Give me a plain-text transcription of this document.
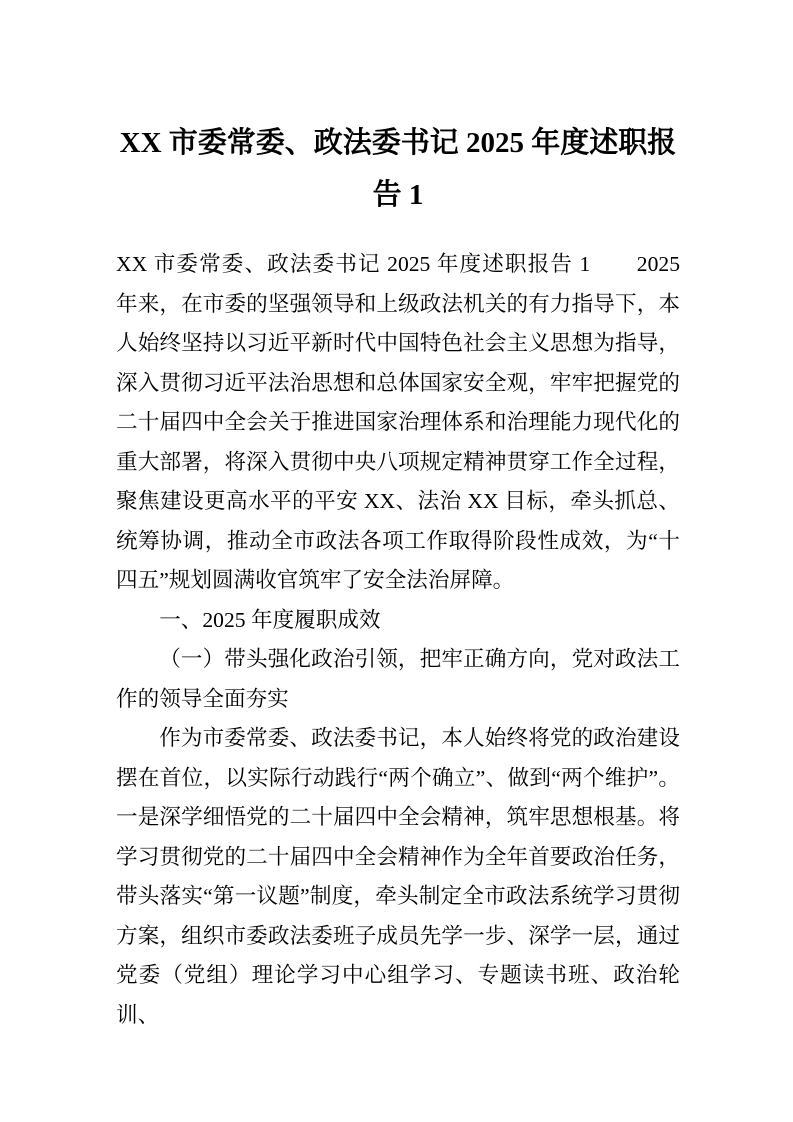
XX 市委常委、政法委书记 2025 年度述职报告 1

XX 市委常委、政法委书记 2025 年度述职报告 1　　2025 年来，在市委的坚强领导和上级政法机关的有力指导下，本人始终坚持以习近平新时代中国特色社会主义思想为指导，深入贯彻习近平法治思想和总体国家安全观，牢牢把握党的二十届四中全会关于推进国家治理体系和治理能力现代化的重大部署，将深入贯彻中央八项规定精神贯穿工作全过程，聚焦建设更高水平的平安 XX、法治 XX 目标，牵头抓总、统筹协调，推动全市政法各项工作取得阶段性成效，为“十四五”规划圆满收官筑牢了安全法治屏障。

一、2025 年度履职成效

（一）带头强化政治引领，把牢正确方向，党对政法工作的领导全面夯实

作为市委常委、政法委书记，本人始终将党的政治建设摆在首位，以实际行动践行“两个确立”、做到“两个维护”。一是深学细悟党的二十届四中全会精神，筑牢思想根基。将学习贯彻党的二十届四中全会精神作为全年首要政治任务，带头落实“第一议题”制度，牵头制定全市政法系统学习贯彻方案，组织市委政法委班子成员先学一步、深学一层，通过党委（党组）理论学习中心组学习、专题读书班、政治轮训、
